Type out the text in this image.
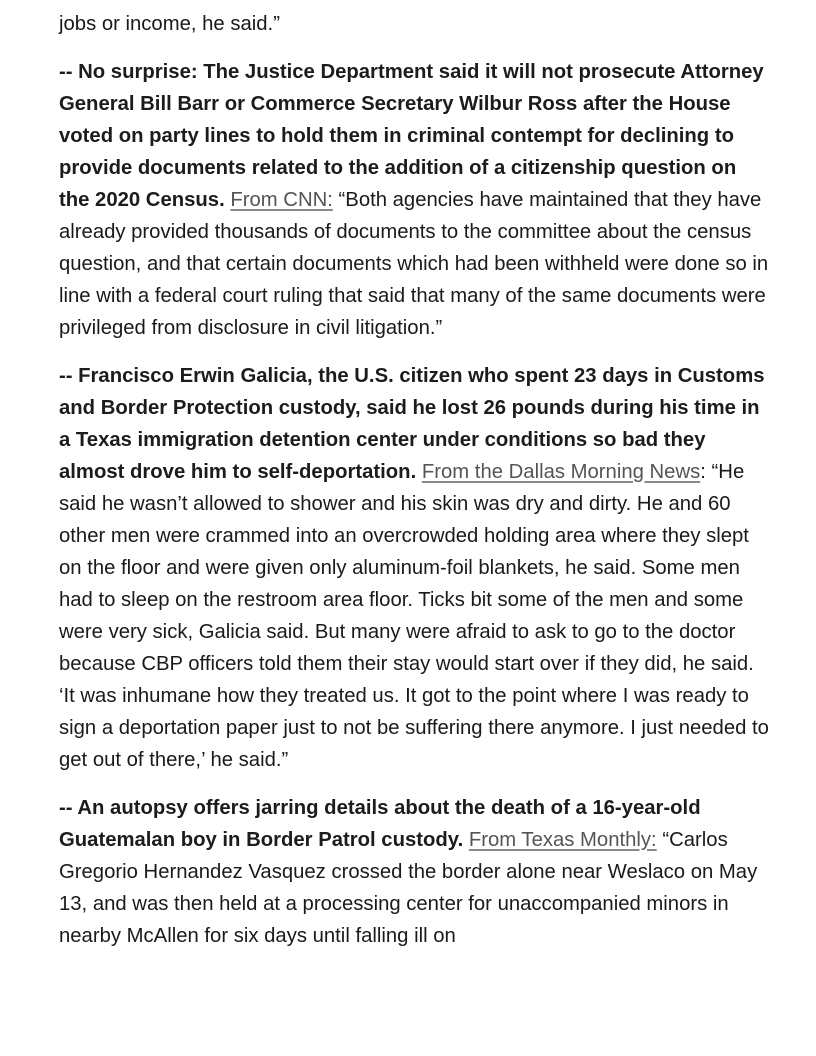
jobs or income, he said.”

-- No surprise: The Justice Department said it will not prosecute Attorney General Bill Barr or Commerce Secretary Wilbur Ross after the House voted on party lines to hold them in criminal contempt for declining to provide documents related to the addition of a citizenship question on the 2020 Census. From CNN: “Both agencies have maintained that they have already provided thousands of documents to the committee about the census question, and that certain documents which had been withheld were done so in line with a federal court ruling that said that many of the same documents were privileged from disclosure in civil litigation.”

-- Francisco Erwin Galicia, the U.S. citizen who spent 23 days in Customs and Border Protection custody, said he lost 26 pounds during his time in a Texas immigration detention center under conditions so bad they almost drove him to self-deportation. From the Dallas Morning News: “He said he wasn’t allowed to shower and his skin was dry and dirty. He and 60 other men were crammed into an overcrowded holding area where they slept on the floor and were given only aluminum-foil blankets, he said. Some men had to sleep on the restroom area floor. Ticks bit some of the men and some were very sick, Galicia said. But many were afraid to ask to go to the doctor because CBP officers told them their stay would start over if they did, he said. ‘It was inhumane how they treated us. It got to the point where I was ready to sign a deportation paper just to not be suffering there anymore. I just needed to get out of there,’ he said.”

-- An autopsy offers jarring details about the death of a 16-year-old Guatemalan boy in Border Patrol custody. From Texas Monthly: “Carlos Gregorio Hernandez Vasquez crossed the border alone near Weslaco on May 13, and was then held at a processing center for unaccompanied minors in nearby McAllen for six days until falling ill on
